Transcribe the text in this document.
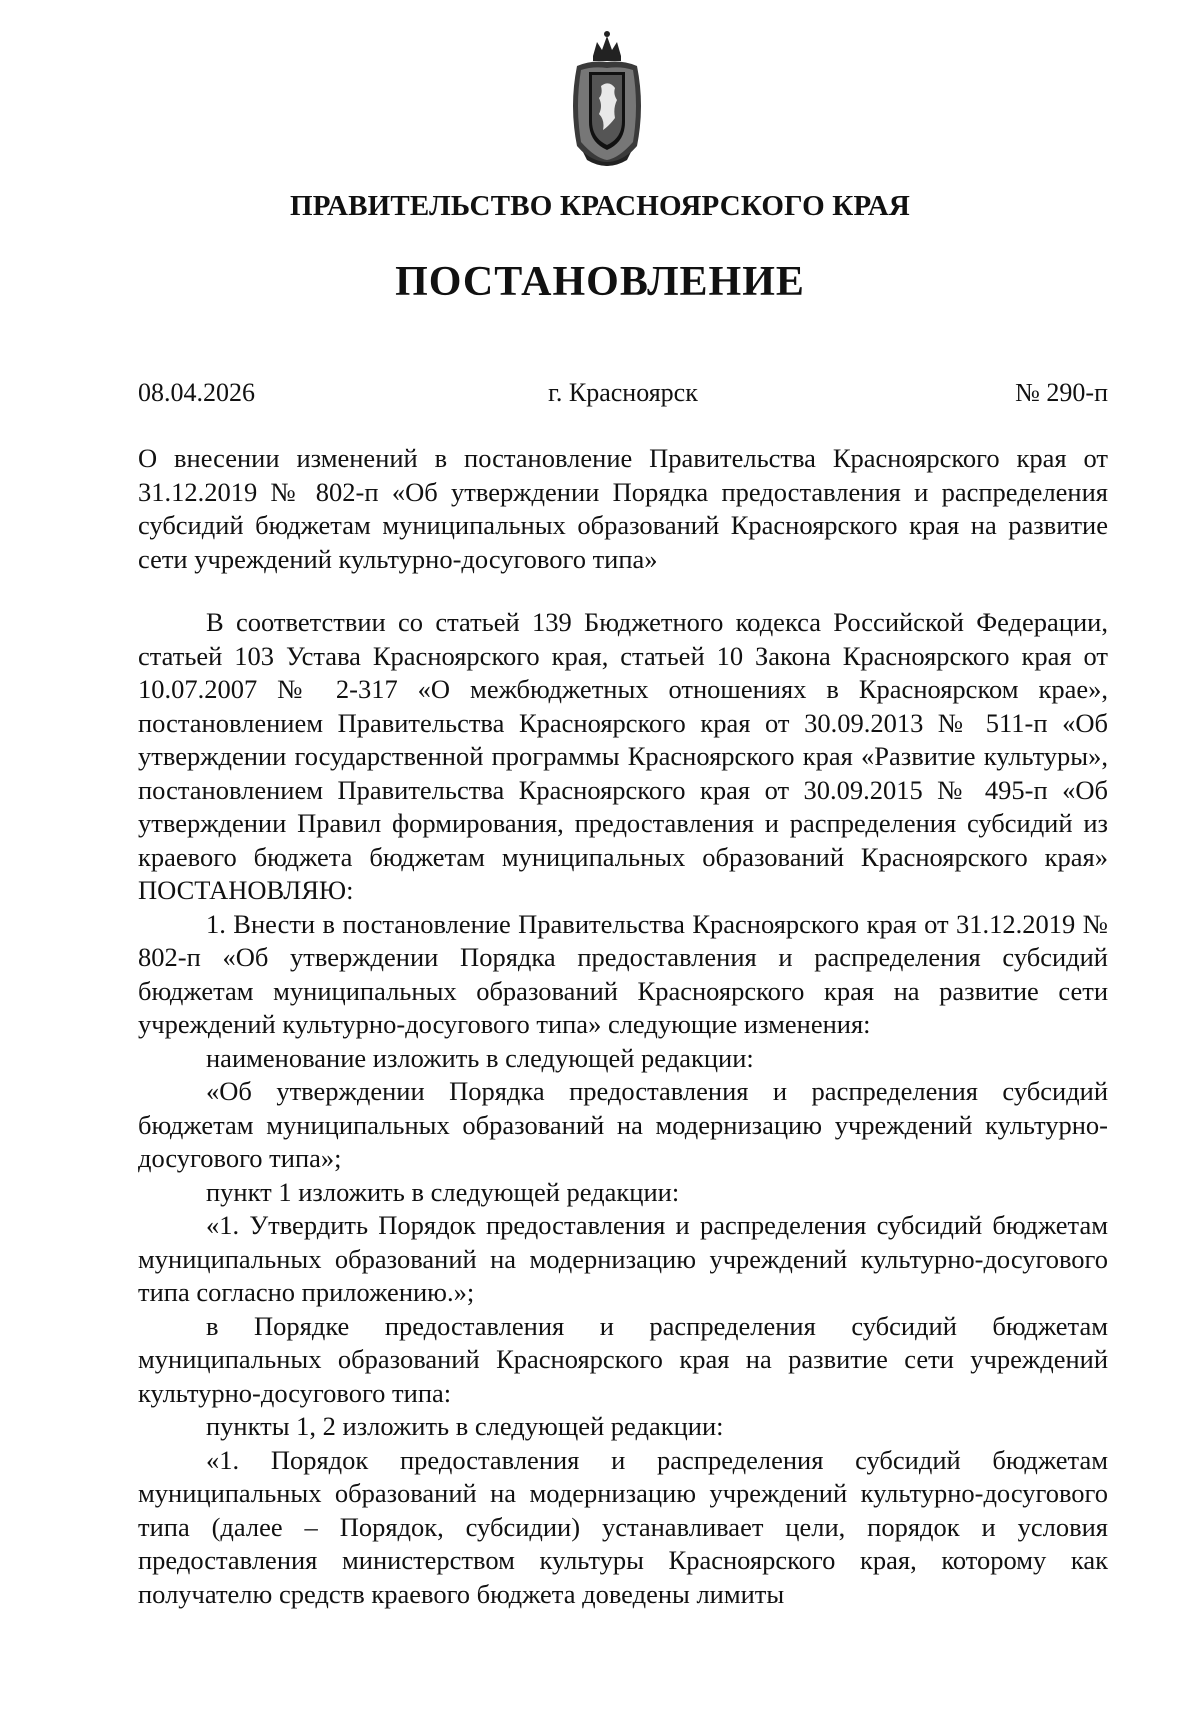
ПРАВИТЕЛЬСТВО КРАСНОЯРСКОГО КРАЯ
ПОСТАНОВЛЕНИЕ
08.04.2026	г. Красноярск	№ 290-п
О внесении изменений в постановление Правительства Красноярского края от 31.12.2019 № 802-п «Об утверждении Порядка предоставления и распределения субсидий бюджетам муниципальных образований Красноярского края на развитие сети учреждений культурно-досугового типа»

В соответствии со статьей 139 Бюджетного кодекса Российской Федерации, статьей 103 Устава Красноярского края, статьей 10 Закона Красноярского края от 10.07.2007 № 2-317 «О межбюджетных отношениях в Красноярском крае», постановлением Правительства Красноярского края от 30.09.2013 № 511-п «Об утверждении государственной программы Красноярского края «Развитие культуры», постановлением Правительства Красноярского края от 30.09.2015 № 495-п «Об утверждении Правил формирования, предоставления и распределения субсидий из краевого бюджета бюджетам муниципальных образований Красноярского края» ПОСТАНОВЛЯЮ:

1. Внести в постановление Правительства Красноярского края от 31.12.2019 № 802-п «Об утверждении Порядка предоставления и распределения субсидий бюджетам муниципальных образований Красноярского края на развитие сети учреждений культурно-досугового типа» следующие изменения:

наименование изложить в следующей редакции:

«Об утверждении Порядка предоставления и распределения субсидий бюджетам муниципальных образований на модернизацию учреждений культурно-досугового типа»;

пункт 1 изложить в следующей редакции:

«1. Утвердить Порядок предоставления и распределения субсидий бюджетам муниципальных образований на модернизацию учреждений культурно-досугового типа согласно приложению.»;

в Порядке предоставления и распределения субсидий бюджетам муниципальных образований Красноярского края на развитие сети учреждений культурно-досугового типа:

пункты 1, 2 изложить в следующей редакции:

«1. Порядок предоставления и распределения субсидий бюджетам муниципальных образований на модернизацию учреждений культурно-досугового типа (далее – Порядок, субсидии) устанавливает цели, порядок и условия предоставления министерством культуры Красноярского края, которому как получателю средств краевого бюджета доведены лимиты
